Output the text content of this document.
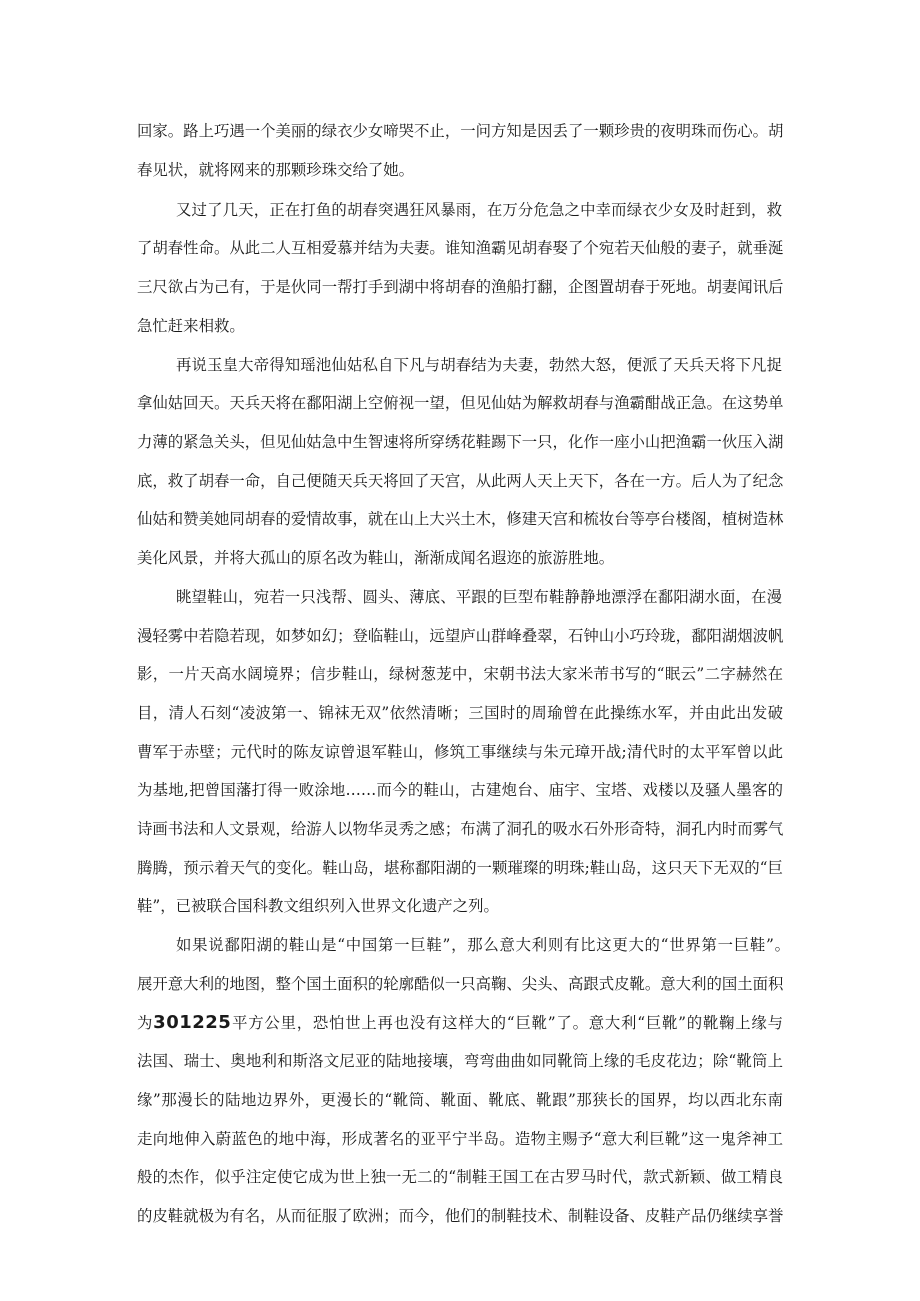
回家。路上巧遇一个美丽的绿衣少女啼哭不止，一问方知是因丢了一颗珍贵的夜明珠而伤心。胡
春见状，就将网来的那颗珍珠交给了她。
又过了几天，正在打鱼的胡春突遇狂风暴雨，在万分危急之中幸而绿衣少女及时赶到，救
了胡春性命。从此二人互相爱慕并结为夫妻。谁知渔霸见胡春娶了个宛若天仙般的妻子，就垂涎
三尺欲占为己有，于是伙同一帮打手到湖中将胡春的渔船打翻，企图置胡春于死地。胡妻闻讯后
急忙赶来相救。
再说玉皇大帝得知瑶池仙姑私自下凡与胡春结为夫妻，勃然大怒，便派了天兵天将下凡捉
拿仙姑回天。天兵天将在鄱阳湖上空俯视一望，但见仙姑为解救胡春与渔霸酣战正急。在这势单
力薄的紧急关头，但见仙姑急中生智速将所穿绣花鞋踢下一只，化作一座小山把渔霸一伙压入湖
底，救了胡春一命，自己便随天兵天将回了天宫，从此两人天上天下，各在一方。后人为了纪念
仙姑和赞美她同胡春的爱情故事，就在山上大兴土木，修建天宫和梳妆台等亭台楼阁，植树造林
美化风景，并将大孤山的原名改为鞋山，渐渐成闻名遐迩的旅游胜地。
眺望鞋山，宛若一只浅帮、圆头、薄底、平跟的巨型布鞋静静地漂浮在鄱阳湖水面，在漫
漫轻雾中若隐若现，如梦如幻；登临鞋山，远望庐山群峰叠翠，石钟山小巧玲珑，鄱阳湖烟波帆
影，一片天高水阔境界；信步鞋山，绿树葱茏中，宋朝书法大家米芾书写的“眠云”二字赫然在
目，清人石刻“凌波第一、锦袜无双”依然清晰；三国时的周瑜曾在此操练水军，并由此出发破
曹军于赤壁；元代时的陈友谅曾退军鞋山，修筑工事继续与朱元璋开战;清代时的太平军曾以此
为基地,把曾国藩打得一败涂地……而今的鞋山，古建炮台、庙宇、宝塔、戏楼以及骚人墨客的
诗画书法和人文景观，给游人以物华灵秀之感；布满了洞孔的吸水石外形奇特，洞孔内时而雾气
腾腾，预示着天气的变化。鞋山岛，堪称鄱阳湖的一颗璀璨的明珠;鞋山岛，这只天下无双的“巨
鞋”，已被联合国科教文组织列入世界文化遗产之列。
如果说鄱阳湖的鞋山是“中国第一巨鞋”，那么意大利则有比这更大的“世界第一巨鞋”。
展开意大利的地图，整个国土面积的轮廓酷似一只高鞠、尖头、高跟式皮靴。意大利的国土面积
为301225平方公里，恐怕世上再也没有这样大的“巨靴”了。意大利“巨靴”的靴鞠上缘与
法国、瑞士、奥地利和斯洛文尼亚的陆地接壤，弯弯曲曲如同靴筒上缘的毛皮花边；除“靴筒上
缘”那漫长的陆地边界外，更漫长的“靴筒、靴面、靴底、靴跟”那狭长的国界，均以西北东南
走向地伸入蔚蓝色的地中海，形成著名的亚平宁半岛。造物主赐予“意大利巨靴”这一鬼斧神工
般的杰作，似乎注定使它成为世上独一无二的“制鞋王国工在古罗马时代，款式新颖、做工精良
的皮鞋就极为有名，从而征服了欧洲；而今，他们的制鞋技术、制鞋设备、皮鞋产品仍继续享誉
